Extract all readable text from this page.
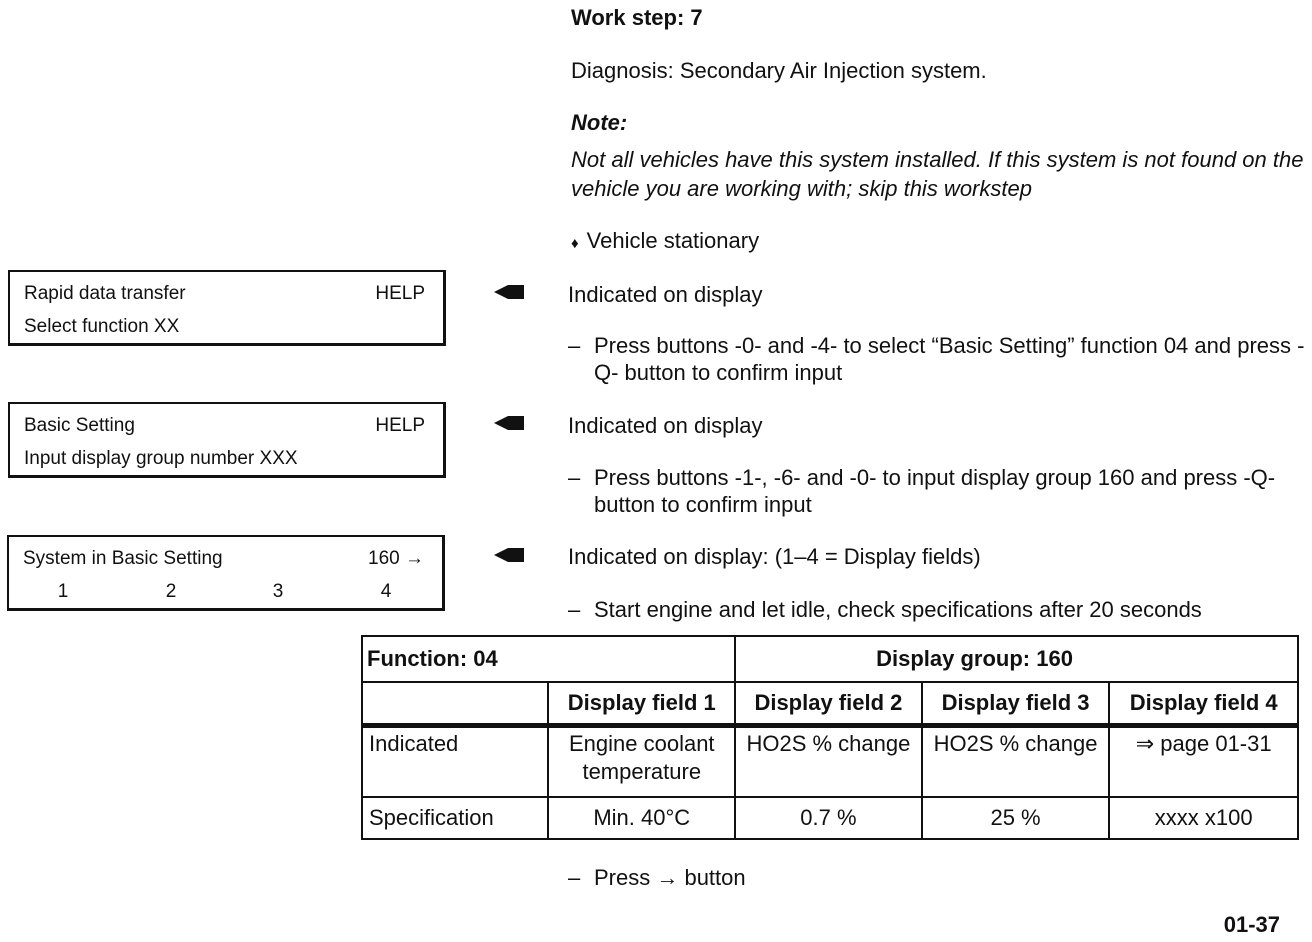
Work step: 7
Diagnosis: Secondary Air Injection system.
Note:
Not all vehicles have this system installed. If this system is not found on the vehicle you are working with; skip this workstep
♦ Vehicle stationary
Rapid data transfer	HELP
Select function XX
Indicated on display
– Press buttons -0- and -4- to select “Basic Setting” function 04 and press -Q- button to confirm input
Basic Setting	HELP
Input display group number XXX
Indicated on display
– Press buttons -1-, -6- and -0- to input display group 160 and press -Q- button to confirm input
System in Basic Setting	160 →
1	2	3	4
Indicated on display: (1–4 = Display fields)
– Start engine and let idle, check specifications after 20 seconds
Function: 04		Display group: 160		
	Display field 1	Display field 2	Display field 3	Display field 4
Indicated	Engine coolant temperature	HO2S % change	HO2S % change	⇒ page 01-31
Specification	Min. 40°C	0.7 %	25 %	xxxx x100
– Press → button
01-37
